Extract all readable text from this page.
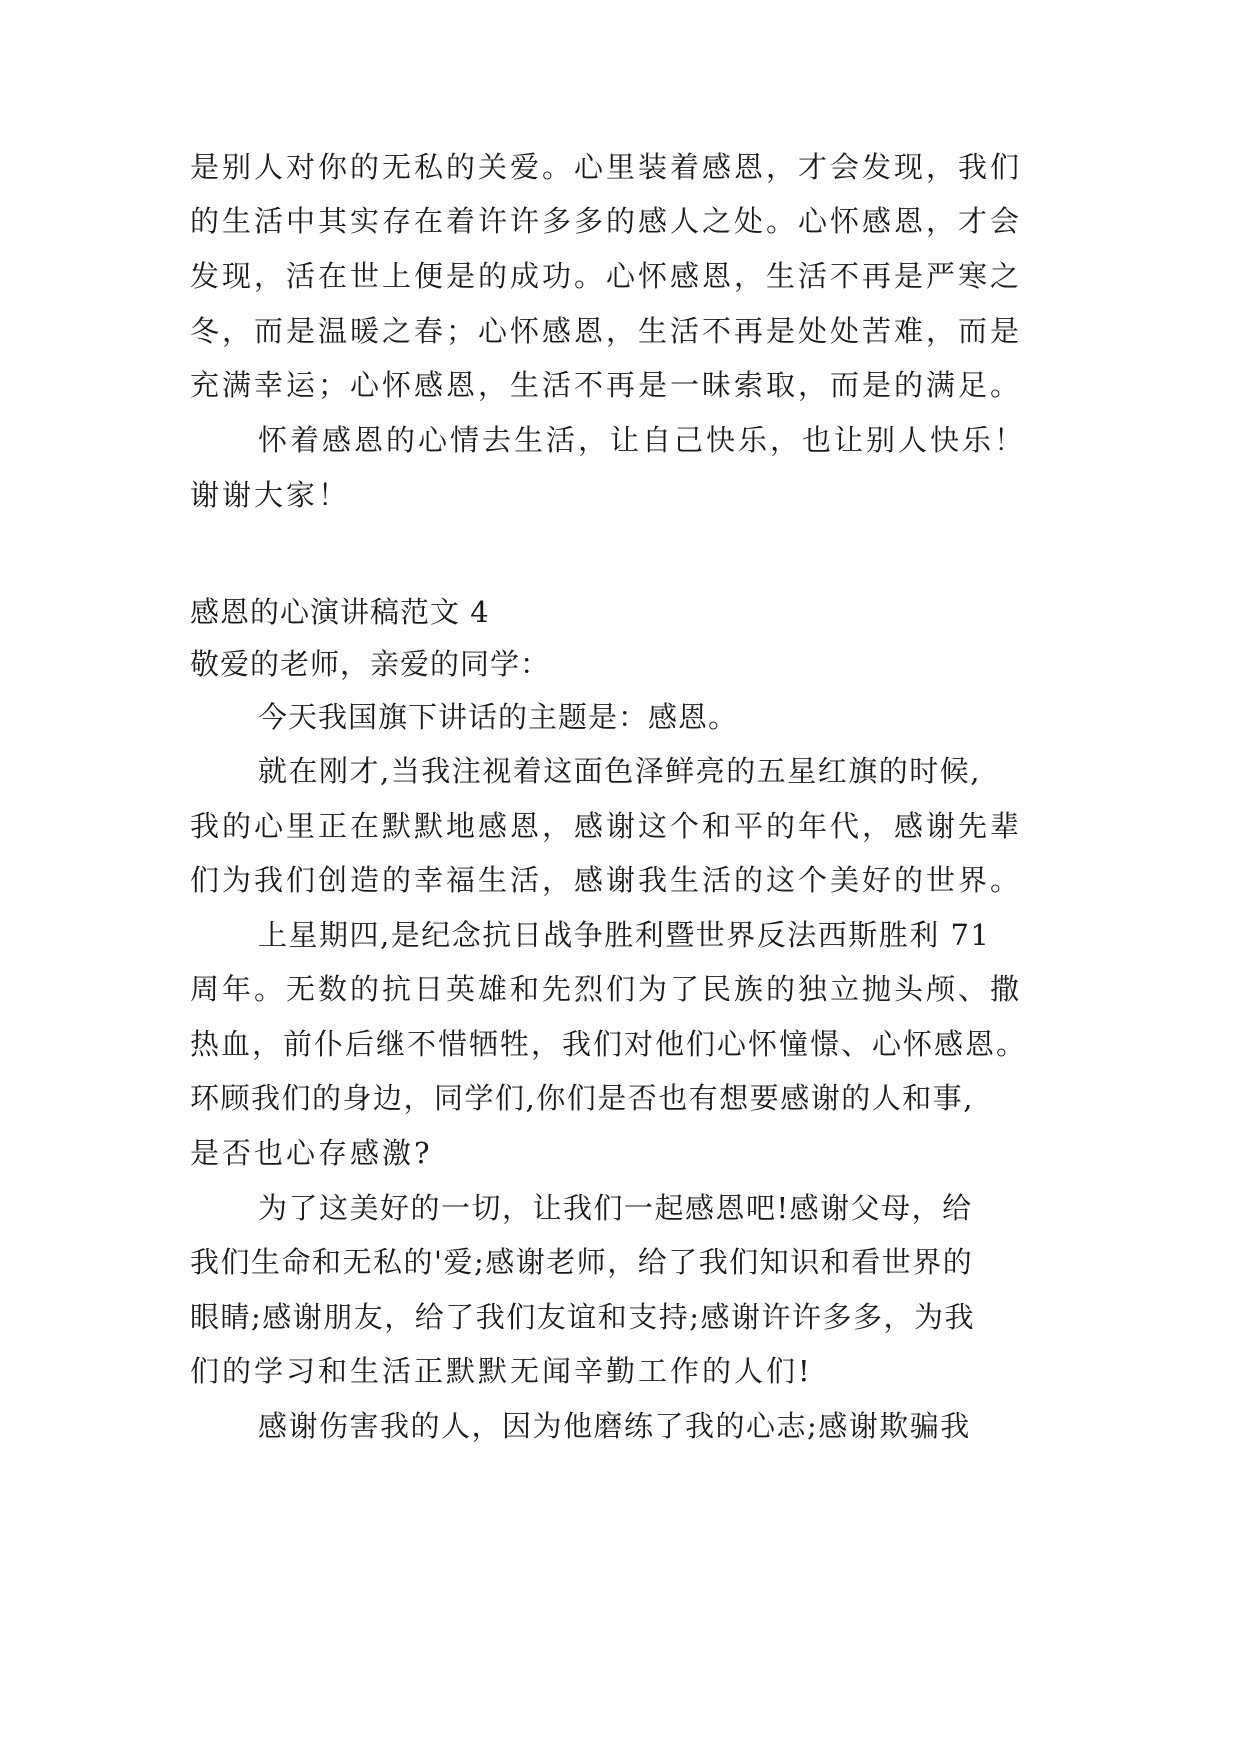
是别人对你的无私的关爱。心里装着感恩，才会发现，我们
的生活中其实存在着许许多多的感人之处。心怀感恩，才会
发现，活在世上便是的成功。心怀感恩，生活不再是严寒之
冬，而是温暖之春；心怀感恩，生活不再是处处苦难，而是
充满幸运；心怀感恩，生活不再是一昧索取，而是的满足。
怀着感恩的心情去生活，让自己快乐，也让别人快乐！
谢谢大家！
感恩的心演讲稿范文 4
敬爱的老师，亲爱的同学：
今天我国旗下讲话的主题是：感恩。
就在刚才,当我注视着这面色泽鲜亮的五星红旗的时候,
我的心里正在默默地感恩，感谢这个和平的年代，感谢先辈
们为我们创造的幸福生活，感谢我生活的这个美好的世界。
上星期四,是纪念抗日战争胜利暨世界反法西斯胜利 71
周年。无数的抗日英雄和先烈们为了民族的独立抛头颅、撒
热血，前仆后继不惜牺牲，我们对他们心怀憧憬、心怀感恩。
环顾我们的身边，同学们,你们是否也有想要感谢的人和事,
是否也心存感激?
为了这美好的一切，让我们一起感恩吧!感谢父母，给
我们生命和无私的'爱;感谢老师，给了我们知识和看世界的
眼睛;感谢朋友，给了我们友谊和支持;感谢许许多多，为我
们的学习和生活正默默无闻辛勤工作的人们!
感谢伤害我的人，因为他磨练了我的心志;感谢欺骗我
